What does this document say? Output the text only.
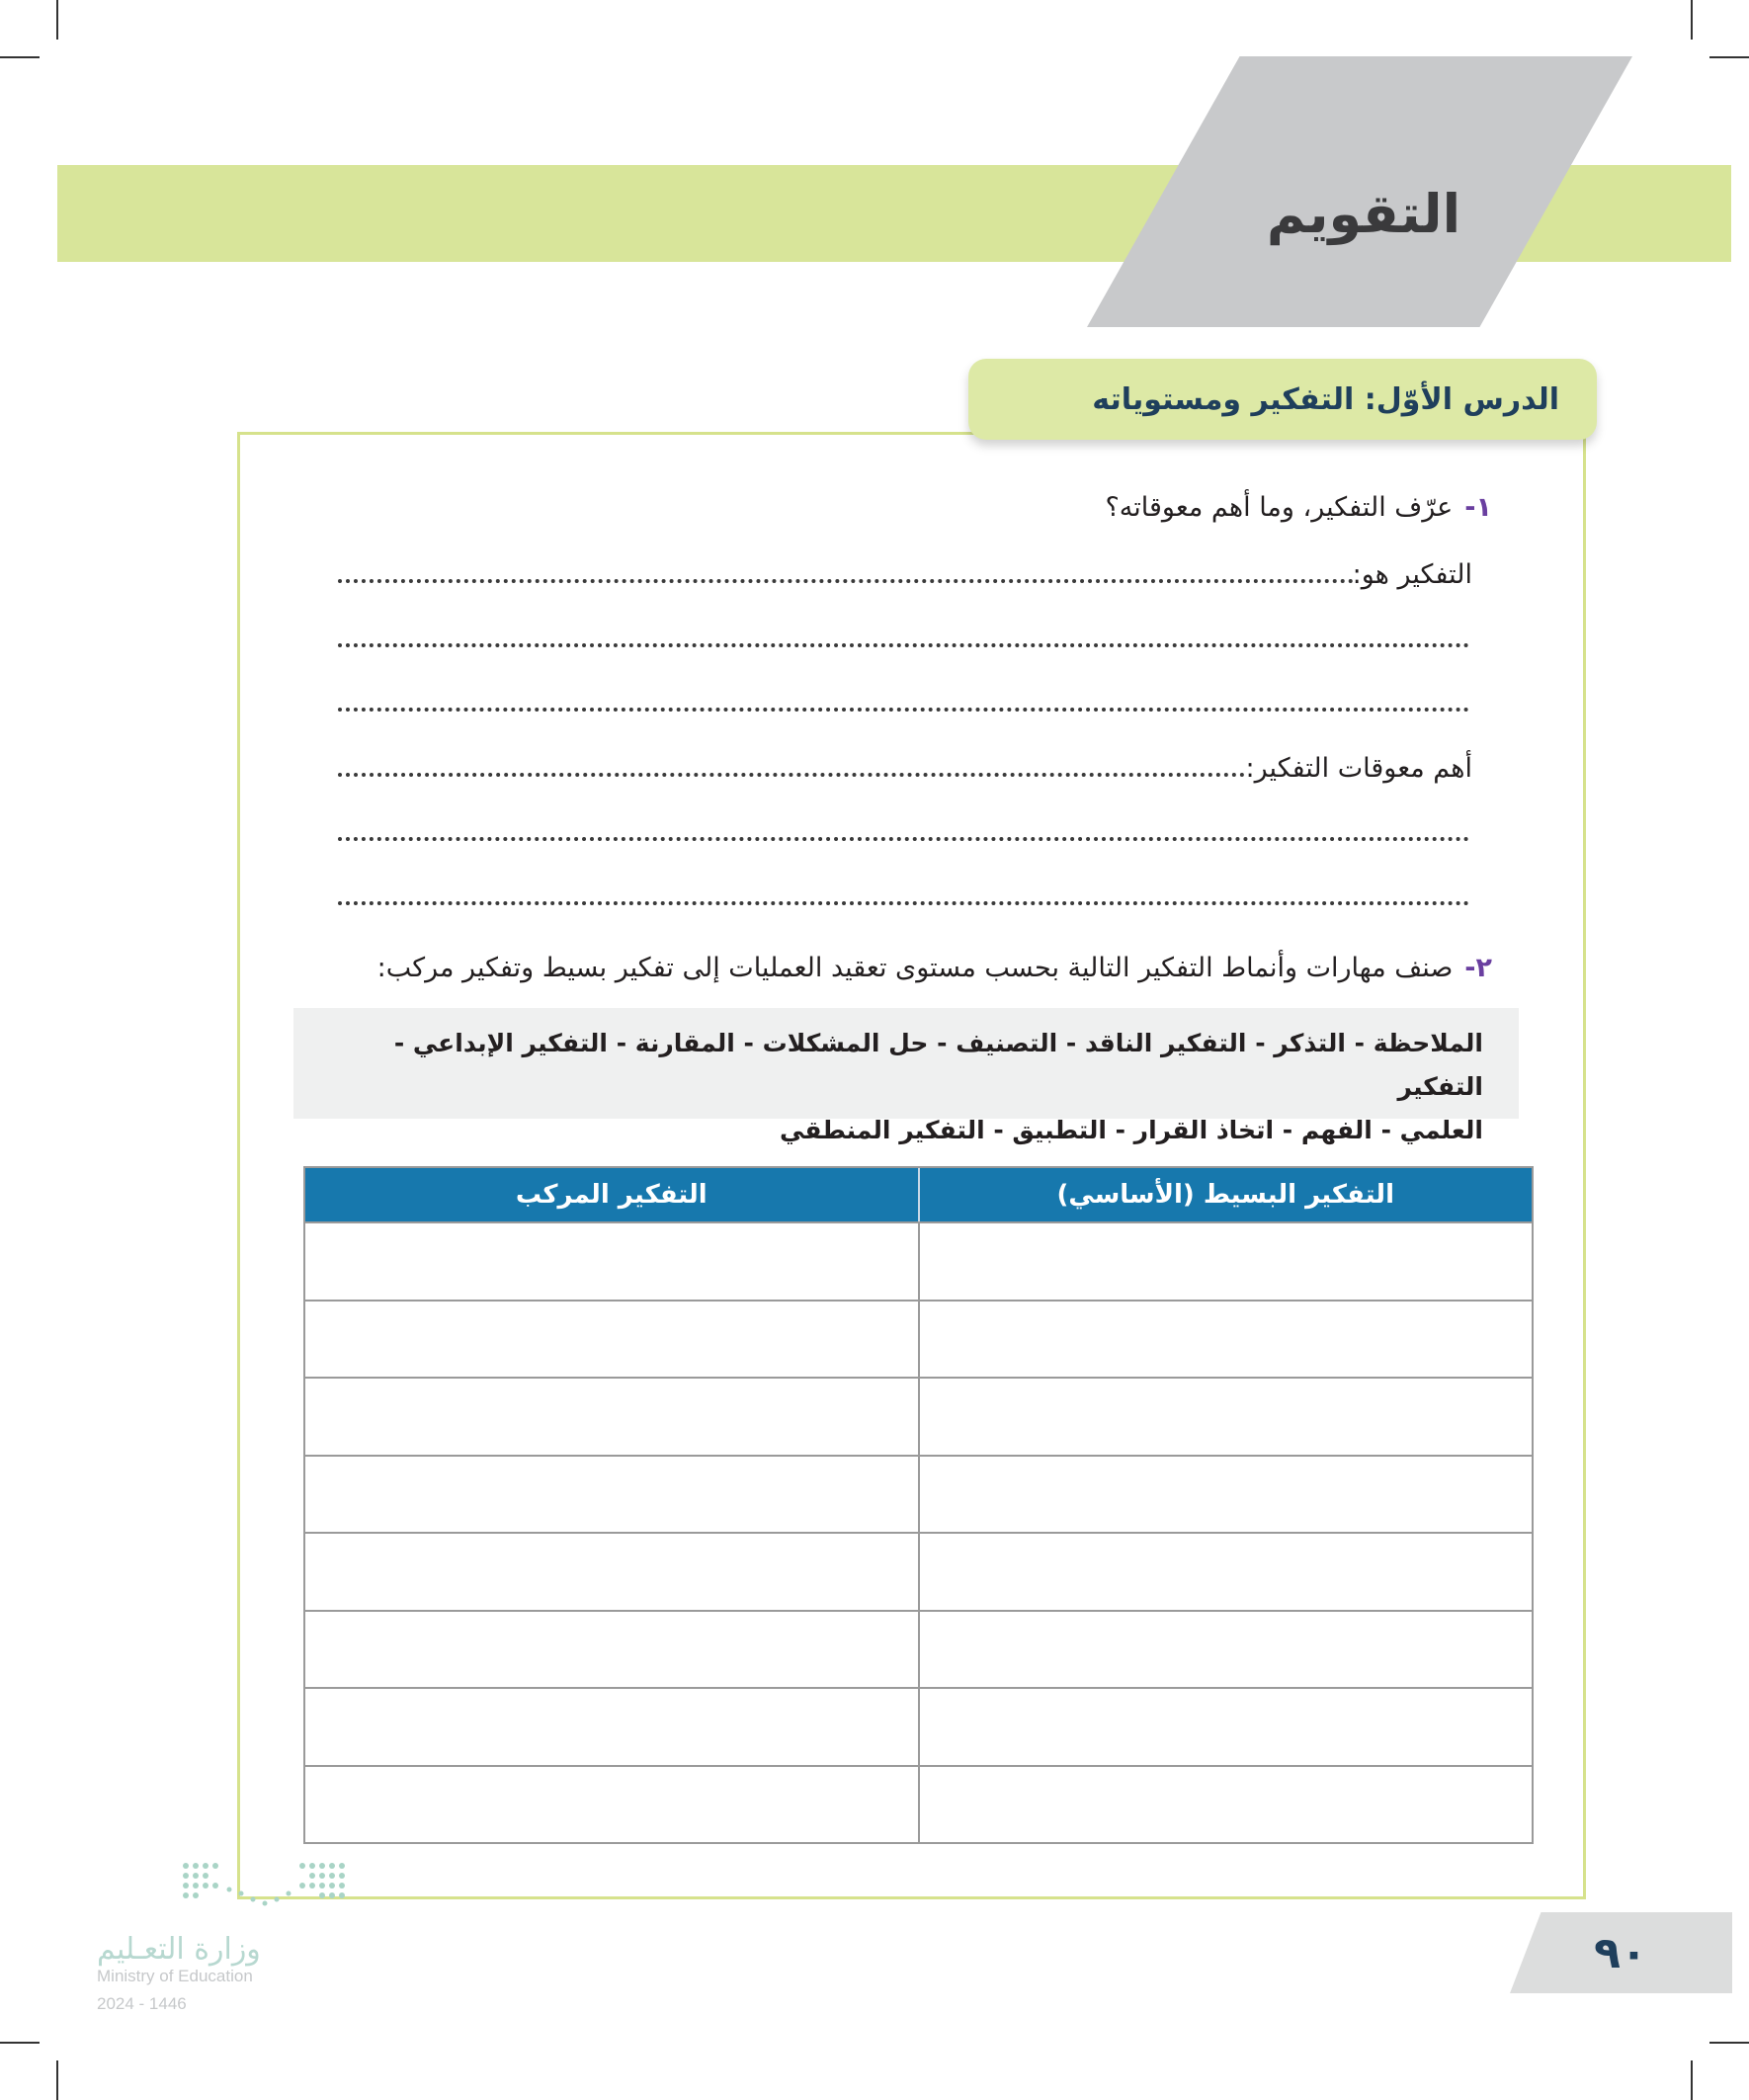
التقويم
الدرس الأوّل: التفكير ومستوياته
١-عرّف التفكير، وما أهم معوقاته؟
التفكير هو:
أهم معوقات التفكير:
٢-صنف مهارات وأنماط التفكير التالية بحسب مستوى تعقيد العمليات إلى تفكير بسيط وتفكير مركب:
الملاحظة - التذكر - التفكير الناقد - التصنيف - حل المشكلات - المقارنة - التفكير الإبداعي - التفكير
العلمي - الفهم - اتخاذ القرار - التطبيق - التفكير المنطقي
التفكير البسيط (الأساسي)
التفكير المركب
وزارة التعـليم
Ministry of Education
2024 - 1446
٩٠
